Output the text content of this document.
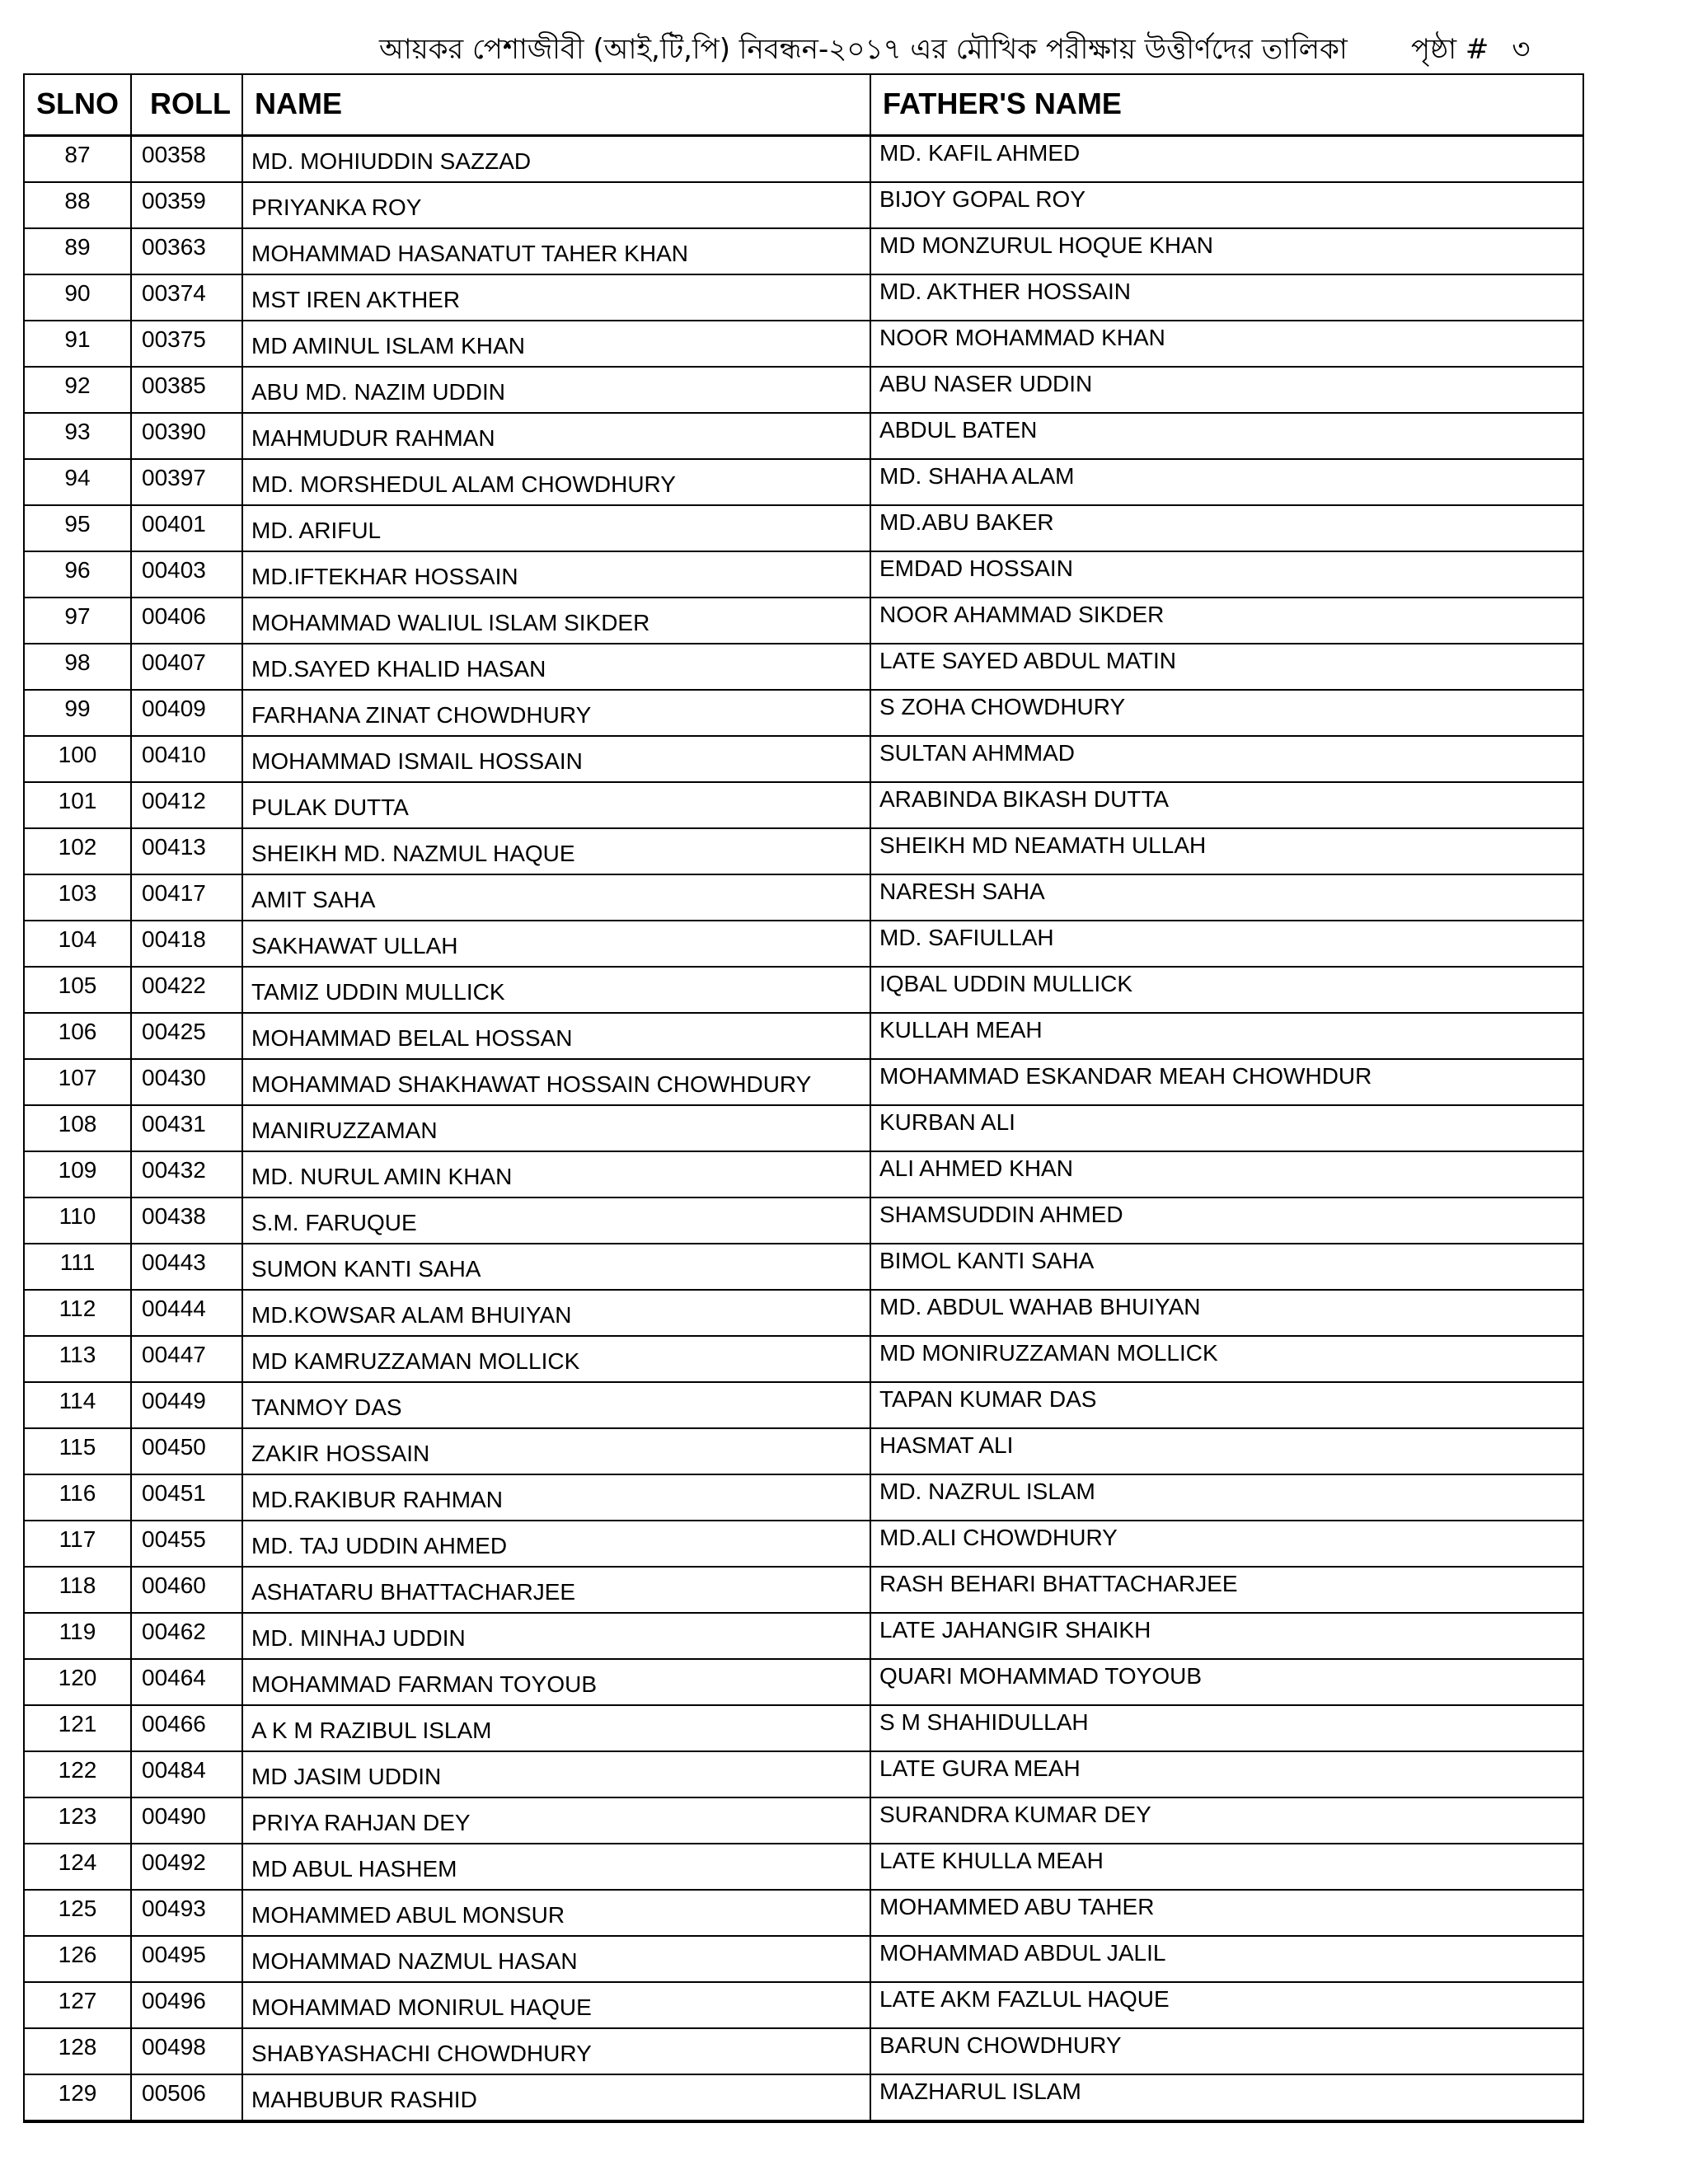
আয়কর পেশাজীবী (আই,টি,পি) নিবন্ধন-২০১৭ এর মৌখিক পরীক্ষায় উত্তীর্ণদের তালিকা পৃষ্ঠা # ৩
SLNO	ROLL NAME	FATHER'S NAME
87	00358	MD. MOHIUDDIN SAZZAD	MD. KAFIL AHMED
88	00359	PRIYANKA ROY	BIJOY GOPAL ROY
89	00363	MOHAMMAD HASANATUT TAHER KHAN	MD MONZURUL HOQUE KHAN
90	00374	MST IREN AKTHER	MD. AKTHER HOSSAIN
91	00375	MD AMINUL ISLAM KHAN	NOOR MOHAMMAD KHAN
92	00385	ABU MD. NAZIM UDDIN	ABU NASER UDDIN
93	00390	MAHMUDUR RAHMAN	ABDUL BATEN
94	00397	MD. MORSHEDUL ALAM CHOWDHURY	MD. SHAHA ALAM
95	00401	MD. ARIFUL	MD.ABU BAKER
96	00403	MD.IFTEKHAR HOSSAIN	EMDAD HOSSAIN
97	00406	MOHAMMAD WALIUL ISLAM SIKDER	NOOR AHAMMAD SIKDER
98	00407	MD.SAYED KHALID HASAN	LATE SAYED ABDUL MATIN
99	00409	FARHANA ZINAT CHOWDHURY	S ZOHA CHOWDHURY
100	00410	MOHAMMAD ISMAIL HOSSAIN	SULTAN AHMMAD
101	00412	PULAK DUTTA	ARABINDA BIKASH DUTTA
102	00413	SHEIKH MD. NAZMUL HAQUE	SHEIKH MD NEAMATH ULLAH
103	00417	AMIT SAHA	NARESH SAHA
104	00418	SAKHAWAT ULLAH	MD. SAFIULLAH
105	00422	TAMIZ UDDIN MULLICK	IQBAL UDDIN MULLICK
106	00425	MOHAMMAD BELAL HOSSAN	KULLAH MEAH
107	00430	MOHAMMAD SHAKHAWAT HOSSAIN CHOWHDURY	MOHAMMAD ESKANDAR MEAH CHOWHDUR
108	00431	MANIRUZZAMAN	KURBAN ALI
109	00432	MD. NURUL AMIN KHAN	ALI AHMED KHAN
110	00438	S.M. FARUQUE	SHAMSUDDIN AHMED
111	00443	SUMON KANTI SAHA	BIMOL KANTI SAHA
112	00444	MD.KOWSAR ALAM BHUIYAN	MD. ABDUL WAHAB BHUIYAN
113	00447	MD KAMRUZZAMAN MOLLICK	MD MONIRUZZAMAN MOLLICK
114	00449	TANMOY DAS	TAPAN KUMAR DAS
115	00450	ZAKIR HOSSAIN	HASMAT ALI
116	00451	MD.RAKIBUR RAHMAN	MD. NAZRUL ISLAM
117	00455	MD. TAJ UDDIN AHMED	MD.ALI CHOWDHURY
118	00460	ASHATARU BHATTACHARJEE	RASH BEHARI BHATTACHARJEE
119	00462	MD. MINHAJ UDDIN	LATE JAHANGIR SHAIKH
120	00464	MOHAMMAD FARMAN TOYOUB	QUARI MOHAMMAD TOYOUB
121	00466	A K M RAZIBUL ISLAM	S M SHAHIDULLAH
122	00484	MD JASIM UDDIN	LATE GURA MEAH
123	00490	PRIYA RAHJAN DEY	SURANDRA KUMAR DEY
124	00492	MD ABUL HASHEM	LATE KHULLA MEAH
125	00493	MOHAMMED ABUL MONSUR	MOHAMMED ABU TAHER
126	00495	MOHAMMAD NAZMUL HASAN	MOHAMMAD ABDUL JALIL
127	00496	MOHAMMAD MONIRUL HAQUE	LATE AKM FAZLUL HAQUE
128	00498	SHABYASHACHI CHOWDHURY	BARUN CHOWDHURY
129	00506	MAHBUBUR RASHID	MAZHARUL ISLAM
